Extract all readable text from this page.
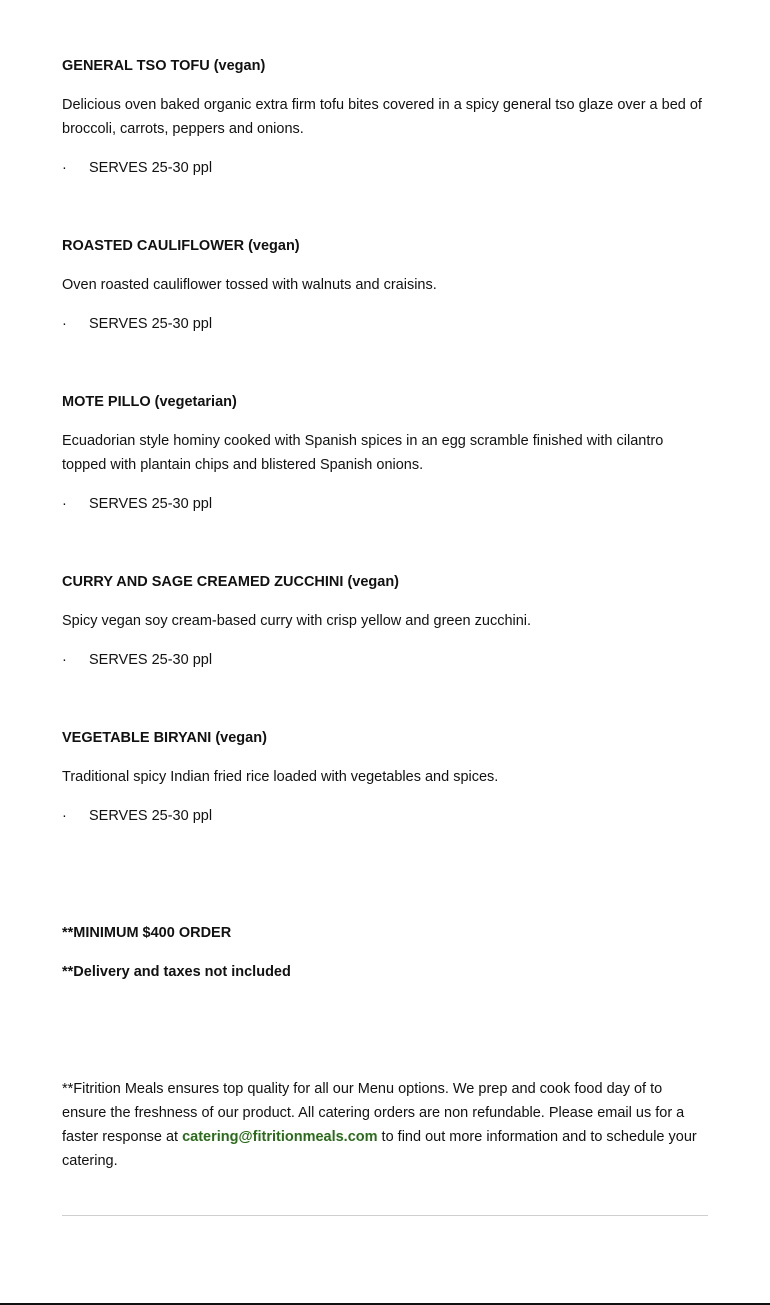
GENERAL TSO TOFU (vegan)

Delicious oven baked organic extra firm tofu bites covered in a spicy general tso glaze over a bed of broccoli, carrots, peppers and onions.

·	SERVES 25-30 ppl

ROASTED CAULIFLOWER (vegan)

Oven roasted cauliflower tossed with walnuts and craisins.

·	SERVES 25-30 ppl

MOTE PILLO (vegetarian)

Ecuadorian style hominy cooked with Spanish spices in an egg scramble finished with cilantro topped with plantain chips and blistered Spanish onions.

·	SERVES 25-30 ppl

CURRY AND SAGE CREAMED ZUCCHINI (vegan)

Spicy vegan soy cream-based curry with crisp yellow and green zucchini.

·	SERVES 25-30 ppl

VEGETABLE BIRYANI (vegan)

Traditional spicy Indian fried rice loaded with vegetables and spices.

·	SERVES 25-30 ppl
**MINIMUM $400 ORDER
**Delivery and taxes not included

**Fitrition Meals ensures top quality for all our Menu options. We prep and cook food day of to ensure the freshness of our product. All catering orders are non refundable. Please email us for a faster response at catering@fitritionmeals.com to find out more information and to schedule your catering.
